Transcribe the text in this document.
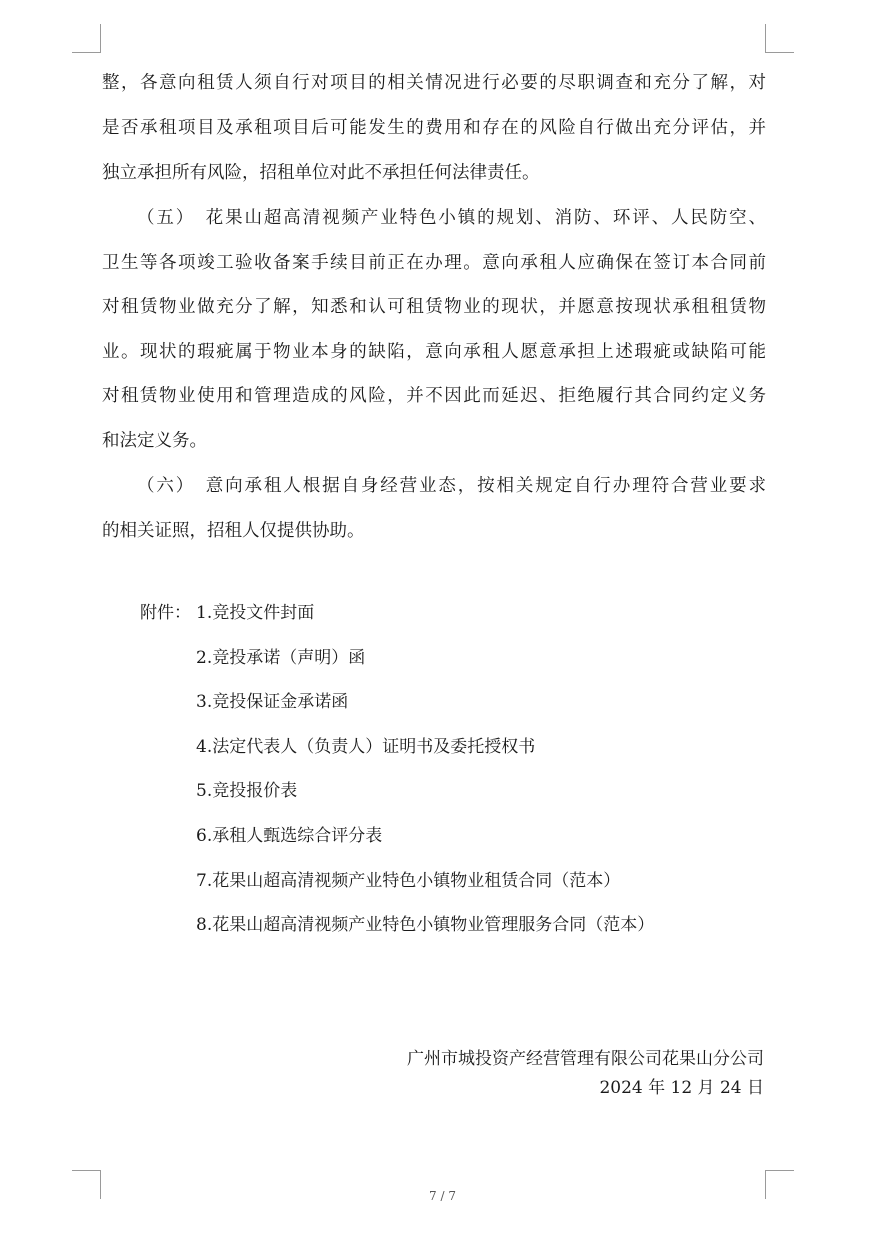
整，各意向租赁人须自行对项目的相关情况进行必要的尽职调查和充分了解，对
是否承租项目及承租项目后可能发生的费用和存在的风险自行做出充分评估，并
独立承担所有风险，招租单位对此不承担任何法律责任。
（五）　花果山超高清视频产业特色小镇的规划、消防、环评、人民防空、
卫生等各项竣工验收备案手续目前正在办理。意向承租人应确保在签订本合同前
对租赁物业做充分了解，知悉和认可租赁物业的现状，并愿意按现状承租租赁物
业。现状的瑕疵属于物业本身的缺陷，意向承租人愿意承担上述瑕疵或缺陷可能
对租赁物业使用和管理造成的风险，并不因此而延迟、拒绝履行其合同约定义务
和法定义务。
（六）　意向承租人根据自身经营业态，按相关规定自行办理符合营业要求
的相关证照，招租人仅提供协助。
附件： 1.竞投文件封面
2.竞投承诺（声明）函
3.竞投保证金承诺函
4.法定代表人（负责人）证明书及委托授权书
5.竞投报价表
6.承租人甄选综合评分表
7.花果山超高清视频产业特色小镇物业租赁合同（范本）
8.花果山超高清视频产业特色小镇物业管理服务合同（范本）
广州市城投资产经营管理有限公司花果山分公司
2024 年 12 月 24 日
7 / 7
